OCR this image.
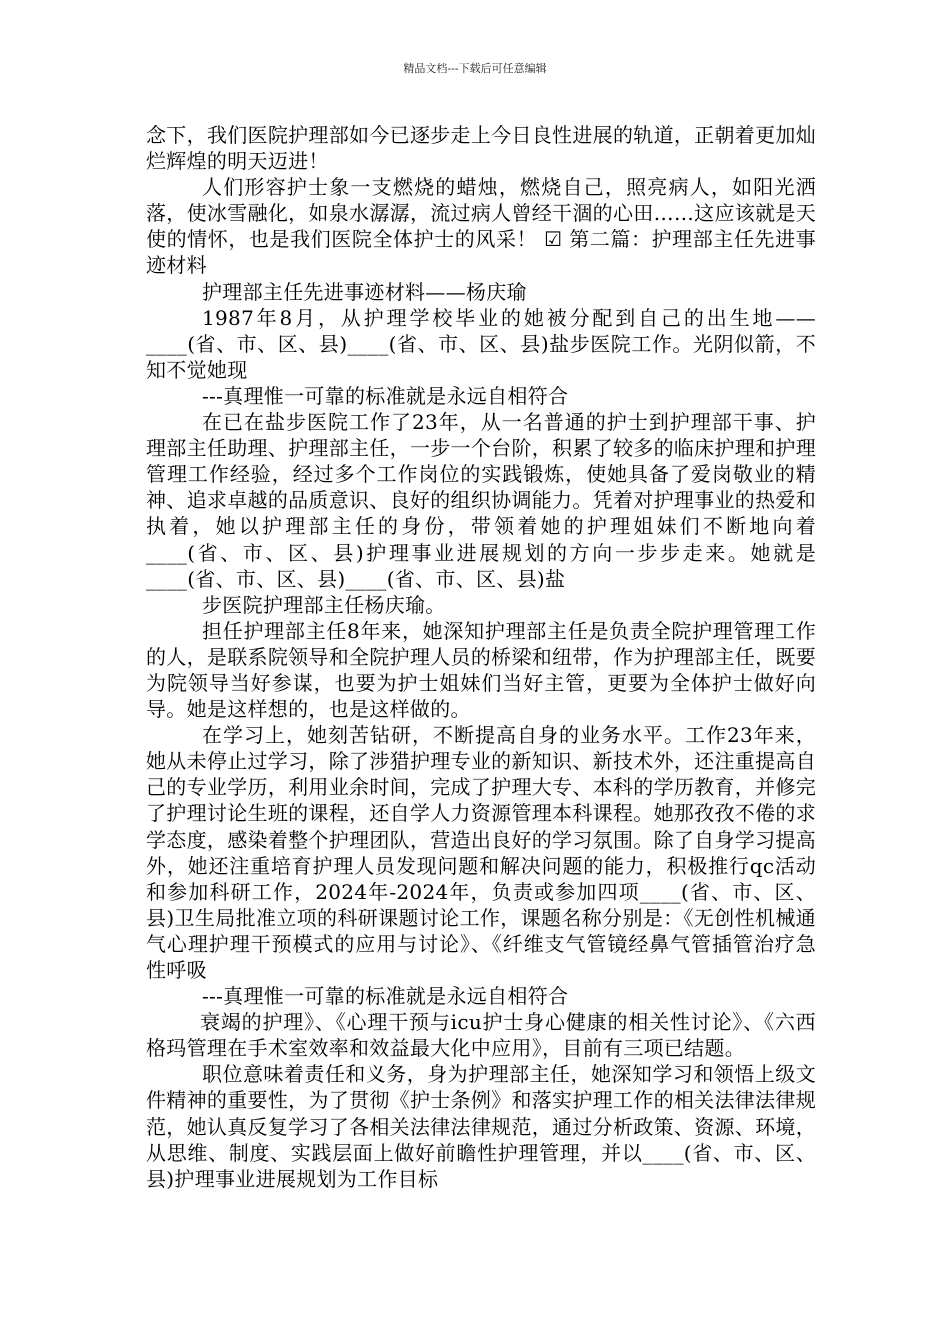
精品文档---下载后可任意编辑

念下，我们医院护理部如今已逐步走上今日良性进展的轨道，正朝着更加灿烂辉煌的明天迈进！

人们形容护士象一支燃烧的蜡烛，燃烧自己，照亮病人，如阳光洒落，使冰雪融化，如泉水潺潺，流过病人曾经干涸的心田……这应该就是天使的情怀，也是我们医院全体护士的风采！ ☑ 第二篇：护理部主任先进事迹材料

护理部主任先进事迹材料——杨庆瑜

1987年8月，从护理学校毕业的她被分配到自己的出生地——____(省、市、区、县)____(省、市、区、县)盐步医院工作。光阴似箭，不知不觉她现

---真理惟一可靠的标准就是永远自相符合

在已在盐步医院工作了23年，从一名普通的护士到护理部干事、护理部主任助理、护理部主任，一步一个台阶，积累了较多的临床护理和护理管理工作经验，经过多个工作岗位的实践锻炼，使她具备了爱岗敬业的精神、追求卓越的品质意识、良好的组织协调能力。凭着对护理事业的热爱和执着，她以护理部主任的身份，带领着她的护理姐妹们不断地向着____(省、市、区、县)护理事业进展规划的方向一步步走来。她就是____(省、市、区、县)____(省、市、区、县)盐

步医院护理部主任杨庆瑜。

担任护理部主任8年来，她深知护理部主任是负责全院护理管理工作的人，是联系院领导和全院护理人员的桥梁和纽带，作为护理部主任，既要为院领导当好参谋，也要为护士姐妹们当好主管，更要为全体护士做好向导。她是这样想的，也是这样做的。

在学习上，她刻苦钻研，不断提高自身的业务水平。工作23年来，她从未停止过学习，除了涉猎护理专业的新知识、新技术外，还注重提高自己的专业学历，利用业余时间，完成了护理大专、本科的学历教育，并修完了护理讨论生班的课程，还自学人力资源管理本科课程。她那孜孜不倦的求学态度，感染着整个护理团队，营造出良好的学习氛围。除了自身学习提高外，她还注重培育护理人员发现问题和解决问题的能力，积极推行qc活动和参加科研工作，2024年-2024年，负责或参加四项____(省、市、区、县)卫生局批准立项的科研课题讨论工作，课题名称分别是：《无创性机械通气心理护理干预模式的应用与讨论》、《纤维支气管镜经鼻气管插管治疗急性呼吸

---真理惟一可靠的标准就是永远自相符合

衰竭的护理》、《心理干预与icu护士身心健康的相关性讨论》、《六西格玛管理在手术室效率和效益最大化中应用》，目前有三项已结题。

职位意味着责任和义务，身为护理部主任，她深知学习和领悟上级文件精神的重要性，为了贯彻《护士条例》和落实护理工作的相关法律法律规范，她认真反复学习了各相关法律法律规范，通过分析政策、资源、环境，从思维、制度、实践层面上做好前瞻性护理管理，并以____(省、市、区、县)护理事业进展规划为工作目标
